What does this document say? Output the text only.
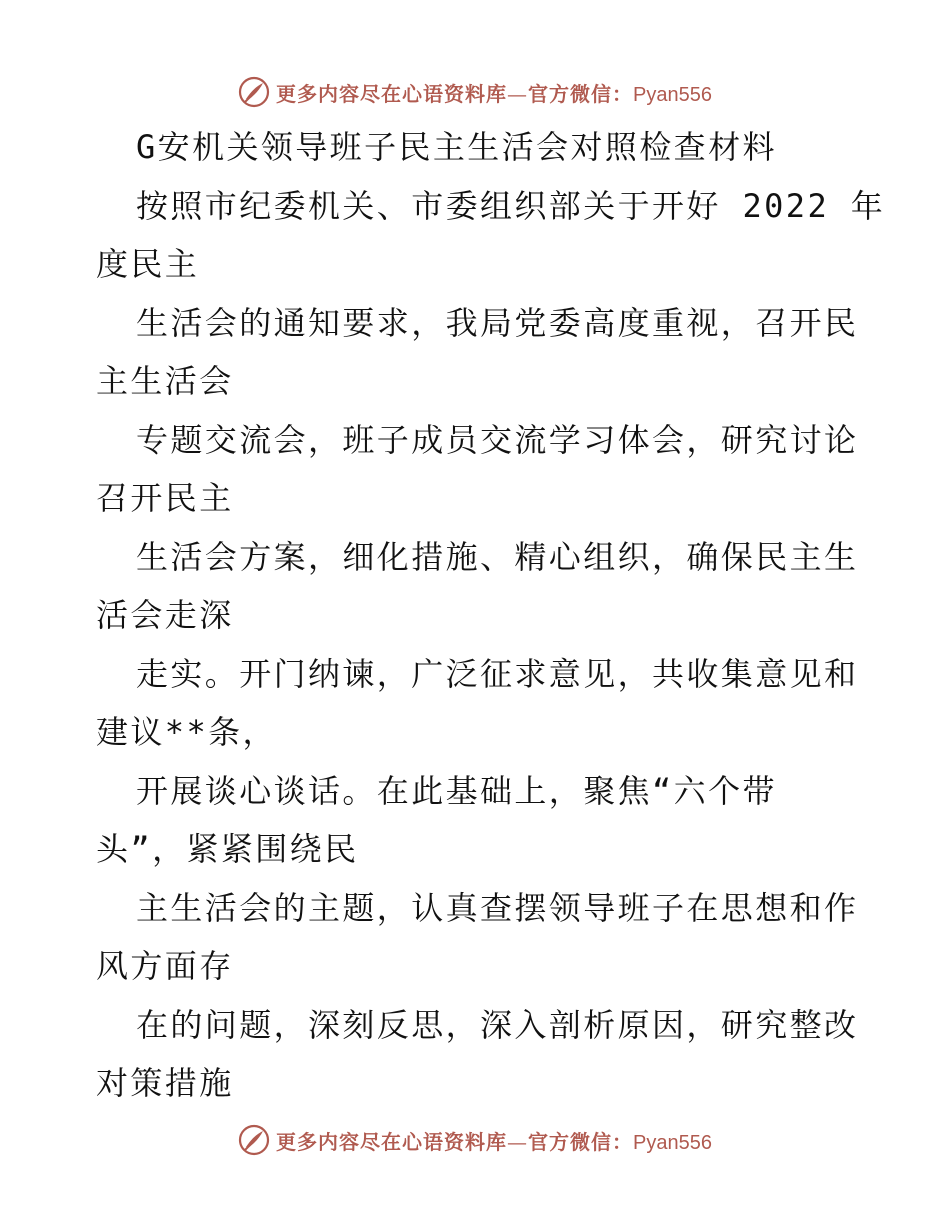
更多内容尽在心语资料库—官方微信：Pyan556
G安机关领导班子民主生活会对照检查材料
按照市纪委机关、市委组织部关于开好 2022 年
度民主
生活会的通知要求，我局党委高度重视，召开民
主生活会
专题交流会，班子成员交流学习体会，研究讨论
召开民主
生活会方案，细化措施、精心组织，确保民主生
活会走深
走实。开门纳谏，广泛征求意见，共收集意见和
建议**条，
开展谈心谈话。在此基础上，聚焦“六个带
头”，紧紧围绕民
主生活会的主题，认真查摆领导班子在思想和作
风方面存
在的问题，深刻反思，深入剖析原因，研究整改
对策措施
更多内容尽在心语资料库—官方微信：Pyan556
